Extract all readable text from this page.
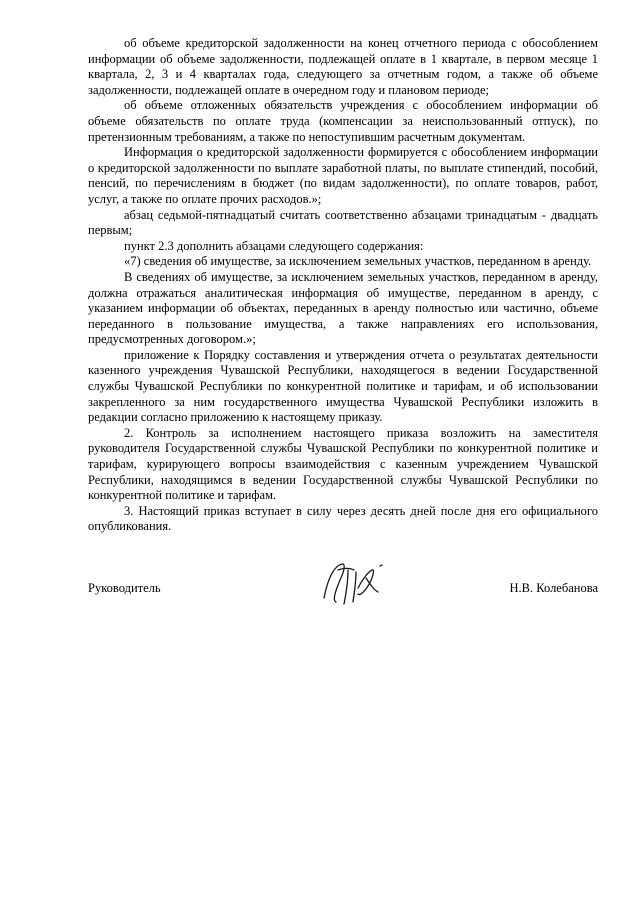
об объеме кредиторской задолженности на конец отчетного периода с обособлением информации об объеме задолженности, подлежащей оплате в 1 квартале, в первом месяце 1 квартала, 2, 3 и 4 кварталах года, следующего за отчетным годом, а также об объеме задолженности, подлежащей оплате в очередном году и плановом периоде;

об объеме отложенных обязательств учреждения с обособлением информации об объеме обязательств по оплате труда (компенсации за неиспользованный отпуск), по претензионным требованиям, а также по непоступившим расчетным документам.

Информация о кредиторской задолженности формируется с обособлением информации о кредиторской задолженности по выплате заработной платы, по выплате стипендий, пособий, пенсий, по перечислениям в бюджет (по видам задолженности), по оплате товаров, работ, услуг, а также по оплате прочих расходов.»;

абзац седьмой-пятнадцатый считать соответственно абзацами тринадцатым - двадцать первым;

пункт 2.3 дополнить абзацами следующего содержания:

«7) сведения об имуществе, за исключением земельных участков, переданном в аренду.

В сведениях об имуществе, за исключением земельных участков, переданном в аренду, должна отражаться аналитическая информация об имуществе, переданном в аренду, с указанием информации об объектах, переданных в аренду полностью или частично, объеме переданного в пользование имущества, а также направлениях его использования, предусмотренных договором.»;

приложение к Порядку составления и утверждения отчета о результатах деятельности казенного учреждения Чувашской Республики, находящегося в ведении Государственной службы Чувашской Республики по конкурентной политике и тарифам, и об использовании закрепленного за ним государственного имущества Чувашской Республики изложить в редакции согласно приложению к настоящему приказу.

2. Контроль за исполнением настоящего приказа возложить на заместителя руководителя Государственной службы Чувашской Республики по конкурентной политике и тарифам, курирующего вопросы взаимодействия с казенным учреждением Чувашской Республики, находящимся в ведении Государственной службы Чувашской Республики по конкурентной политике и тарифам.

3. Настоящий приказ вступает в силу через десять дней после дня его официального опубликования.

Руководитель	Н.В. Колебанова
